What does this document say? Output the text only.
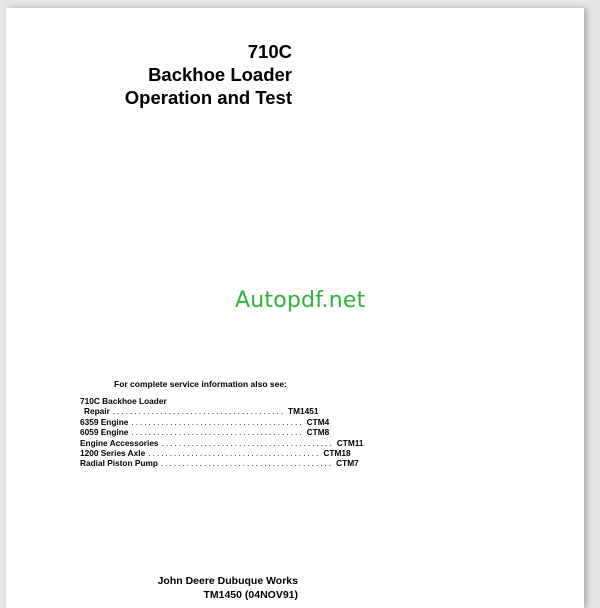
710C
Backhoe Loader
Operation and Test
Autopdf.net
For complete service information also see:
710C Backhoe Loader
Repair ........................................ TM1451
6359 Engine ........................................ CTM4
6059 Engine ........................................ CTM8
Engine Accessories ........................................ CTM11
1200 Series Axle ........................................ CTM18
Radial Piston Pump ........................................ CTM7
John Deere Dubuque Works
TM1450 (04NOV91)
